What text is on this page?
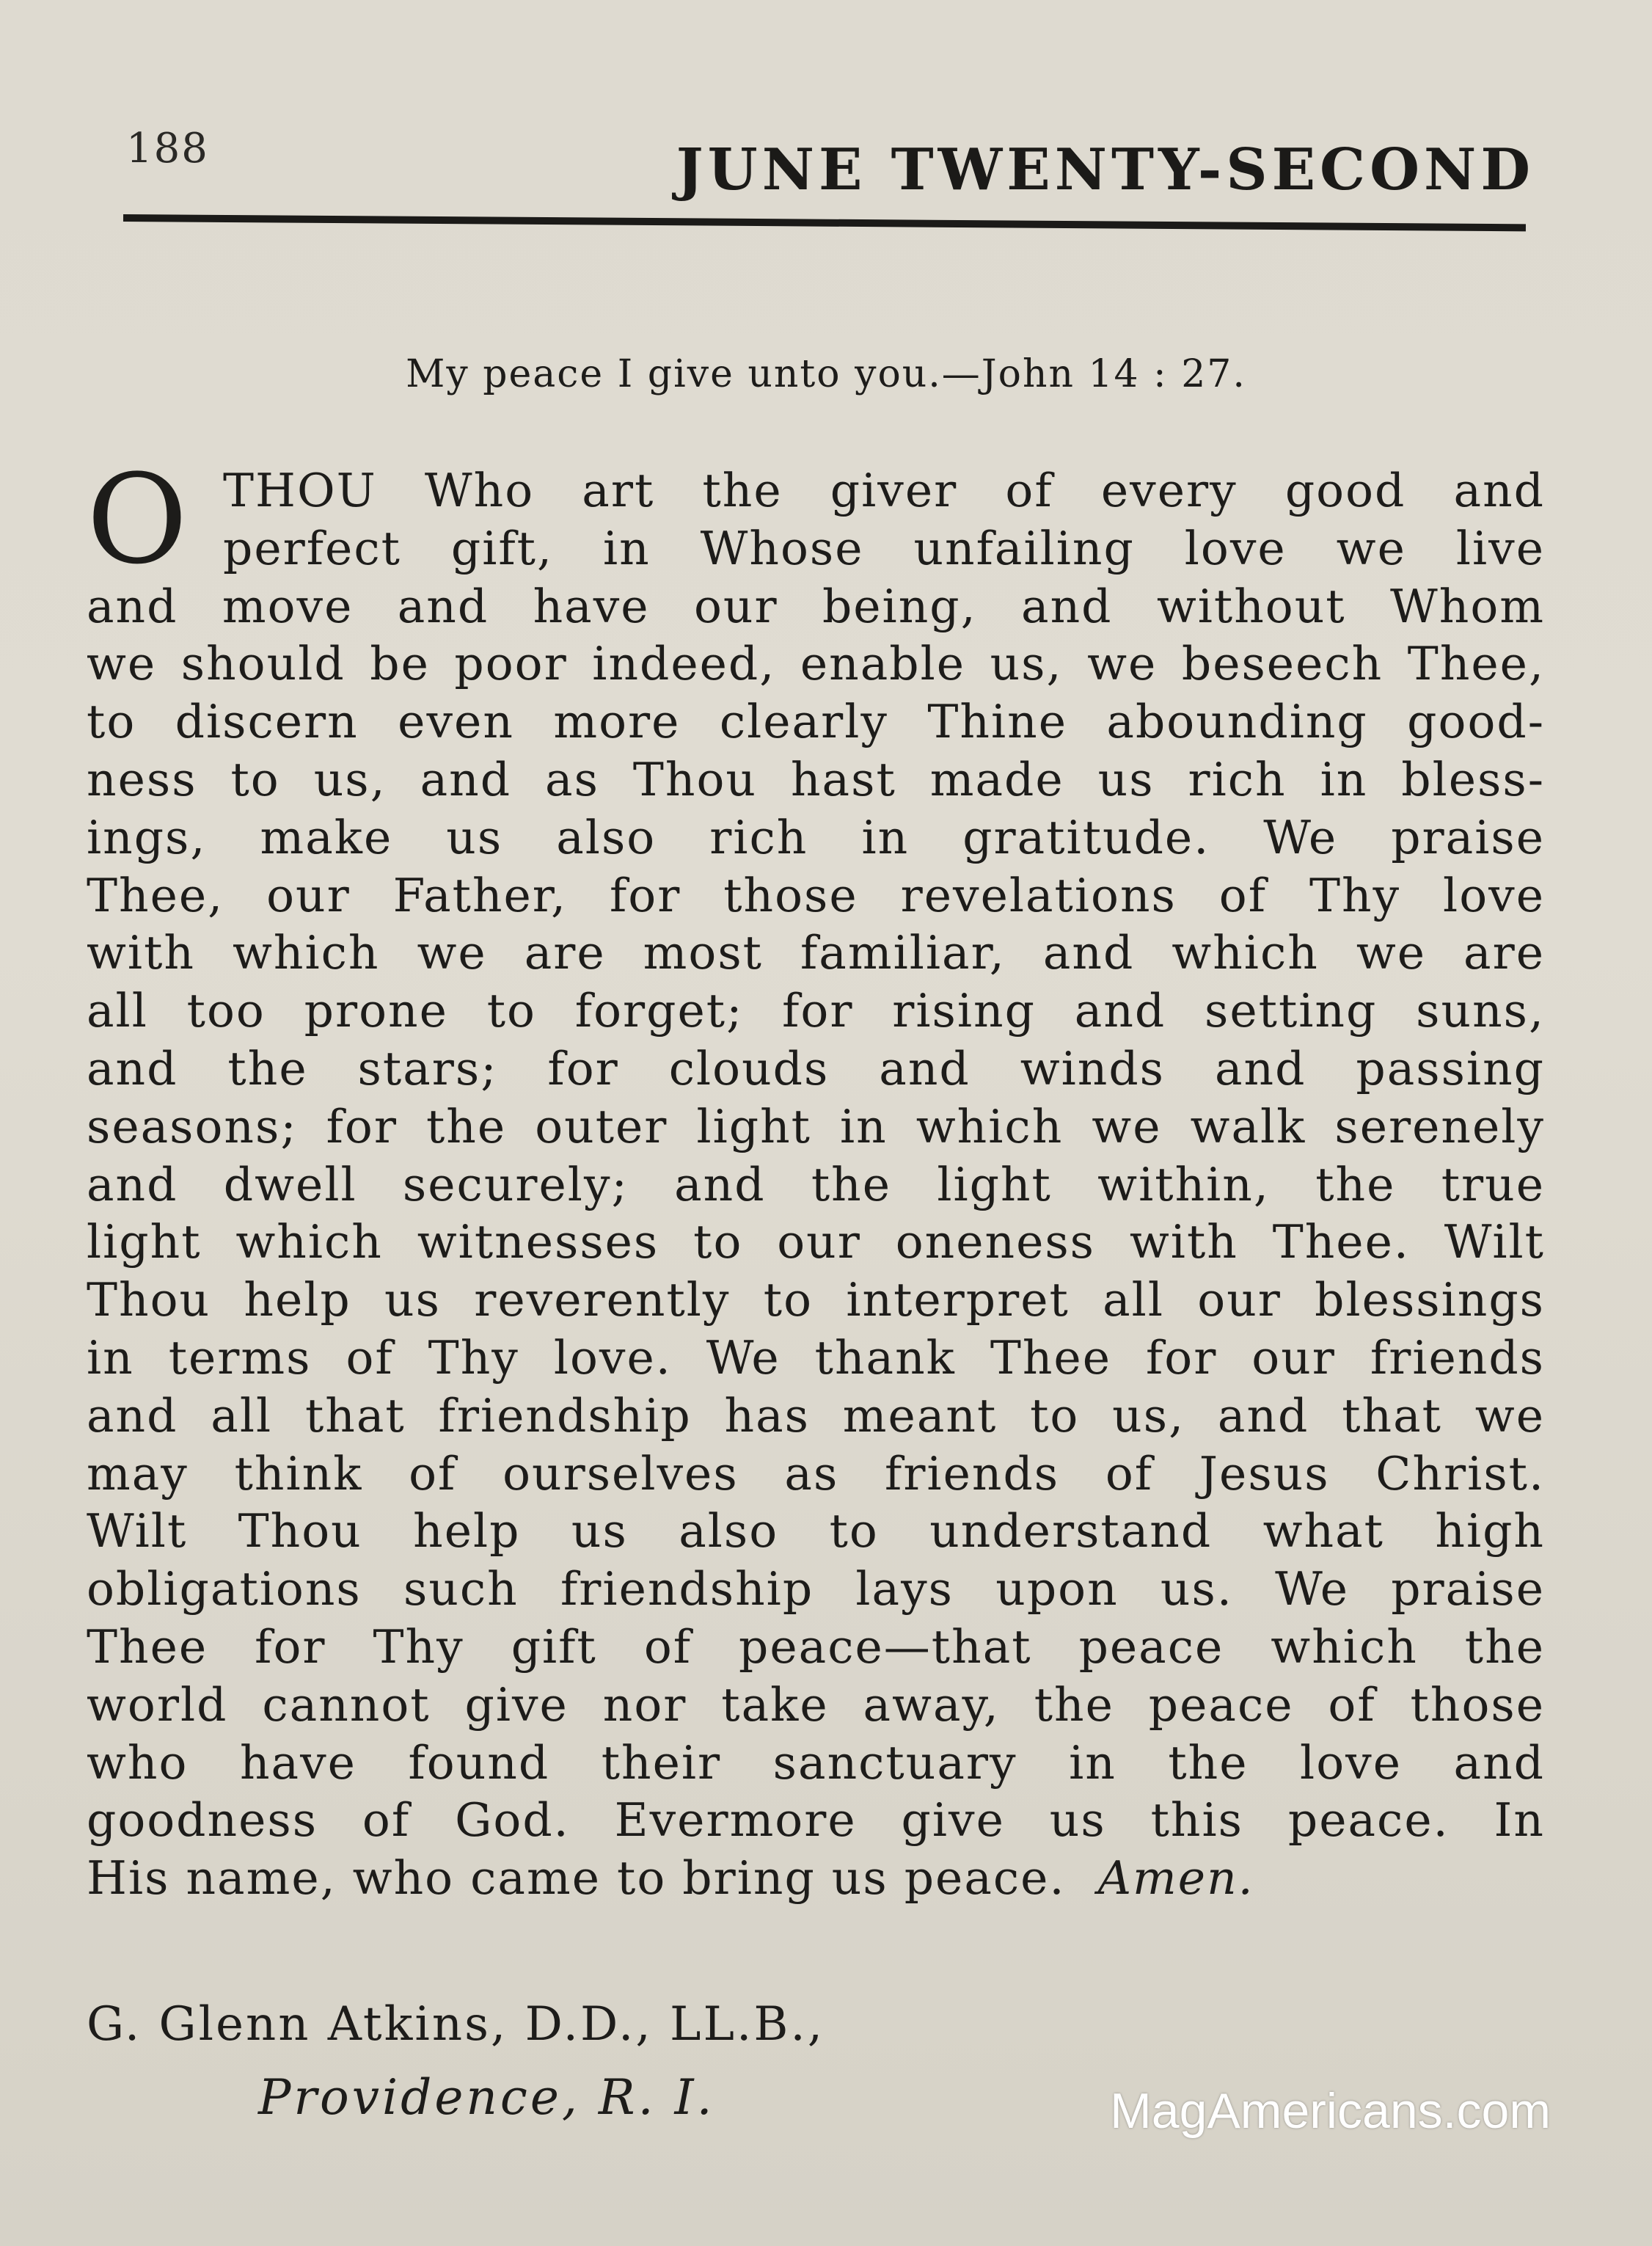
188	JUNE TWENTY-SECOND
My peace I give unto you.—John 14 : 27.
O THOU Who art the giver of every good and
perfect gift, in Whose unfailing love we live
and move and have our being, and without Whom
we should be poor indeed, enable us, we beseech Thee,
to discern even more clearly Thine abounding good-
ness to us, and as Thou hast made us rich in bless-
ings, make us also rich in gratitude. We praise
Thee, our Father, for those revelations of Thy love
with which we are most familiar, and which we are
all too prone to forget; for rising and setting suns,
and the stars; for clouds and winds and passing
seasons; for the outer light in which we walk serenely
and dwell securely; and the light within, the true
light which witnesses to our oneness with Thee. Wilt
Thou help us reverently to interpret all our blessings
in terms of Thy love. We thank Thee for our friends
and all that friendship has meant to us, and that we
may think of ourselves as friends of Jesus Christ.
Wilt Thou help us also to understand what high
obligations such friendship lays upon us. We praise
Thee for Thy gift of peace—that peace which the
world cannot give nor take away, the peace of those
who have found their sanctuary in the love and
goodness of God. Evermore give us this peace. In
His name, who came to bring us peace. Amen.
G. Glenn Atkins, D.D., LL.B.,
Providence, R. I.	MagAmericans.com
